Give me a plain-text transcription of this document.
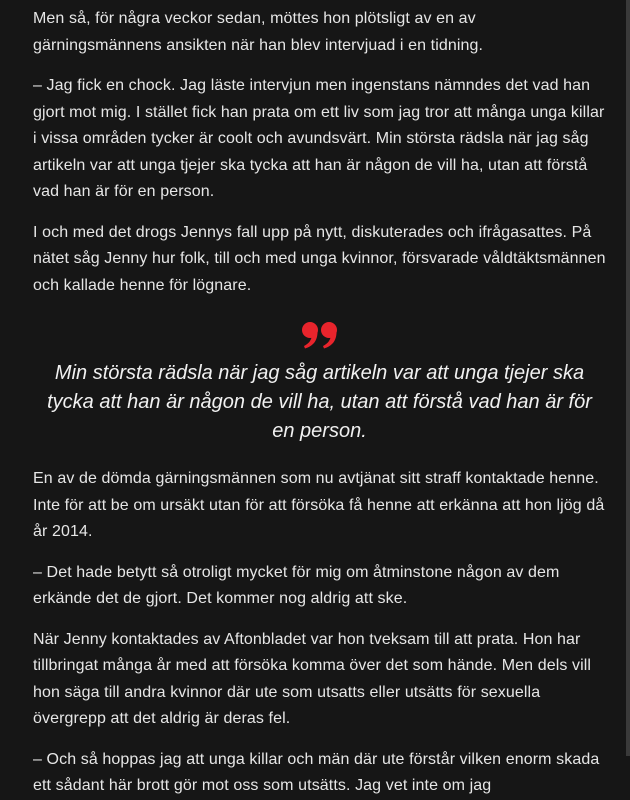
Men så, för några veckor sedan, möttes hon plötsligt av en av gärningsmännens ansikten när han blev intervjuad i en tidning.

– Jag fick en chock. Jag läste intervjun men ingenstans nämndes det vad han gjort mot mig. I stället fick han prata om ett liv som jag tror att många unga killar i vissa områden tycker är coolt och avundsvärt. Min största rädsla när jag såg artikeln var att unga tjejer ska tycka att han är någon de vill ha, utan att förstå vad han är för en person.

I och med det drogs Jennys fall upp på nytt, diskuterades och ifrågasattes. På nätet såg Jenny hur folk, till och med unga kvinnor, försvarade våldtäktsmännen och kallade henne för lögnare.

Min största rädsla när jag såg artikeln var att unga tjejer ska tycka att han är någon de vill ha, utan att förstå vad han är för en person.

En av de dömda gärningsmännen som nu avtjänat sitt straff kontaktade henne. Inte för att be om ursäkt utan för att försöka få henne att erkänna att hon ljög då år 2014.

– Det hade betytt så otroligt mycket för mig om åtminstone någon av dem erkände det de gjort. Det kommer nog aldrig att ske.

När Jenny kontaktades av Aftonbladet var hon tveksam till att prata. Hon har tillbringat många år med att försöka komma över det som hände. Men dels vill hon säga till andra kvinnor där ute som utsatts eller utsätts för sexuella övergrepp att det aldrig är deras fel.

– Och så hoppas jag att unga killar och män där ute förstår vilken enorm skada ett sådant här brott gör mot oss som utsätts. Jag vet inte om jag
